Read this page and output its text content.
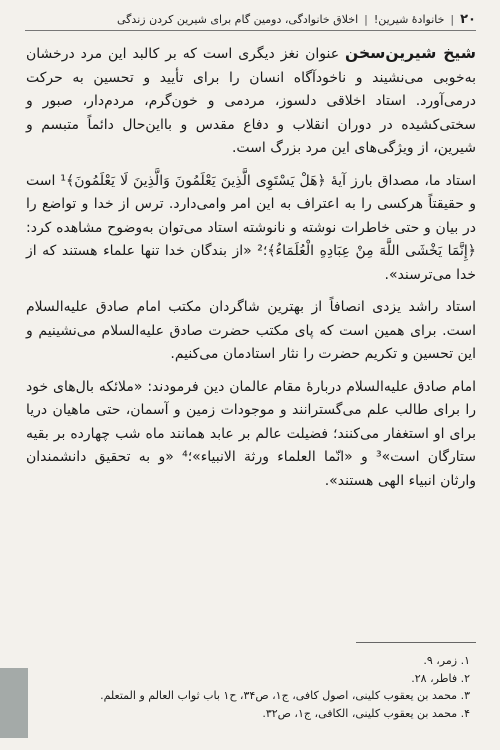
۲۰
|
خانوادهٔ شیرین!
|
اخلاق خانوادگی، دومین گام برای شیرین کردن زندگی

شیخ شیرین‌سخن عنوان نغز دیگری است که بر کالبد این مرد درخشان به‌خوبی می‌نشیند و ناخودآگاه انسان را برای تأیید و تحسین به حرکت درمی‌آورد. استاد اخلاقی دلسوز، مردمی و خون‌گرم، مردم‌دار، صبور و سختی‌کشیده در دوران انقلاب و دفاع مقدس و بااین‌حال دائماً متبسم و شیرین، از ویژگی‌های این مرد بزرگ است.

استاد ما، مصداق بارز آیهٔ ﴿هَلْ یَسْتَوِی الَّذِینَ یَعْلَمُونَ وَالَّذِینَ لَا یَعْلَمُونَ﴾¹ است و حقیقتاً هرکسی را به اعتراف به این امر وامی‌دارد. ترس از خدا و تواضع را در بیان و حتی خاطرات نوشته و نانوشته استاد می‌توان به‌وضوح مشاهده کرد: ﴿إِنَّمَا یَخْشَی اللَّهَ مِنْ عِبَادِهِ الْعُلَمَاءُ﴾؛² «از بندگان خدا تنها علماء هستند که از خدا می‌ترسند».

استاد راشد یزدی انصافاً از بهترین شاگردان مکتب امام صادق علیه‌السلام است. برای همین است که پای مکتب حضرت صادق علیه‌السلام می‌نشینیم و این تحسین و تکریم حضرت را نثار استادمان می‌کنیم.

امام صادق علیه‌السلام دربارهٔ مقام عالمان دین فرمودند: «ملائکه بال‌های خود را برای طالب علم می‌گسترانند و موجودات زمین و آسمان، حتی ماهیان دریا برای او استغفار می‌کنند؛ فضیلت عالم بر عابد همانند ماه شب چهارده بر بقیه ستارگان است»³ و «انّما العلماء ورثة الانبیاء»؛⁴ «و به تحقیق دانشمندان وارثان انبیاء الهی هستند».

۱. زمر، ۹.
۲. فاطر، ۲۸.
۳. محمد بن یعقوب کلینی، اصول کافی، ج۱، ص۳۴، ح۱ باب ثواب العالم و المتعلم.
۴. محمد بن یعقوب کلینی، الکافی، ج۱، ص۳۲.
